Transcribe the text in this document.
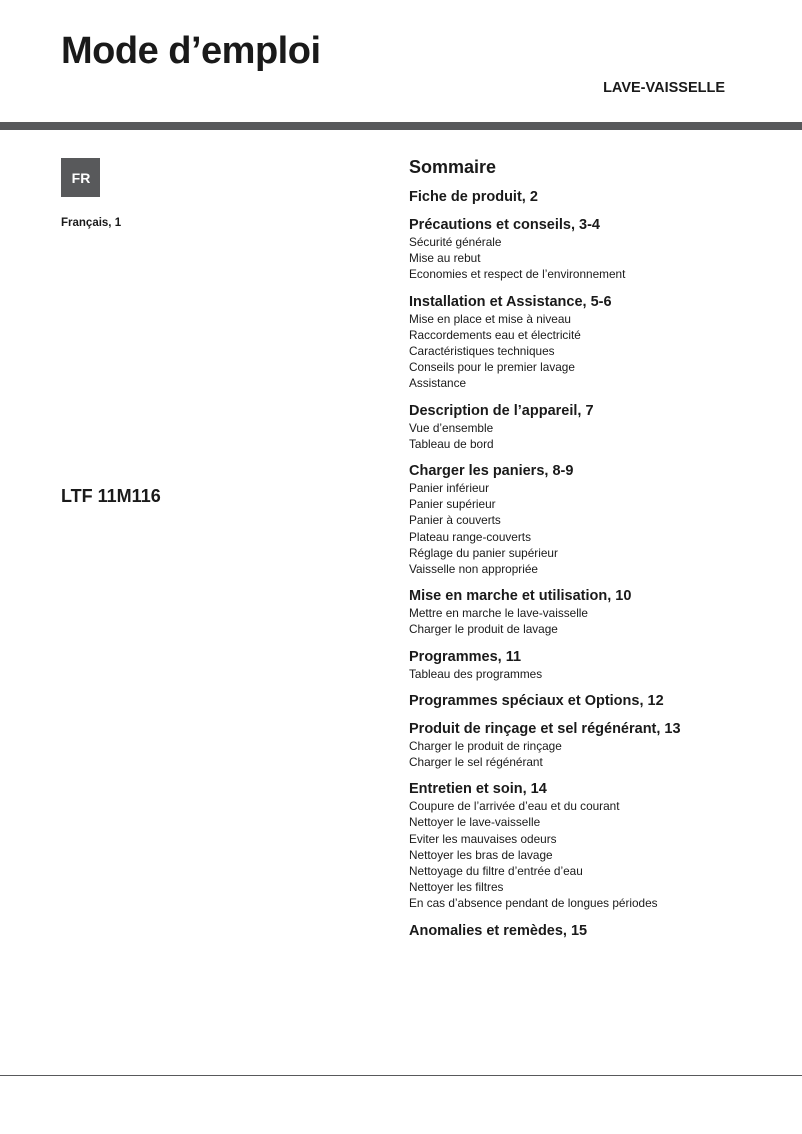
Mode d’emploi
LAVE-VAISSELLE
FR
Français, 1
LTF 11M116
Sommaire
Fiche de produit, 2
Précautions et conseils, 3-4
Sécurité générale
Mise au rebut
Economies et respect de l’environnement
Installation et Assistance, 5-6
Mise en place et mise à niveau
Raccordements eau et électricité
Caractéristiques techniques
Conseils pour le premier lavage
Assistance
Description de l’appareil, 7
Vue d’ensemble
Tableau de bord
Charger les paniers, 8-9
Panier inférieur
Panier supérieur
Panier à couverts
Plateau range-couverts
Réglage du panier supérieur
Vaisselle non appropriée
Mise en marche et utilisation, 10
Mettre en marche le lave-vaisselle
Charger le produit de lavage
Programmes, 11
Tableau des programmes
Programmes spéciaux et Options, 12
Produit de rinçage et sel régénérant, 13
Charger le produit de rinçage
Charger le sel régénérant
Entretien et soin, 14
Coupure de l’arrivée d’eau et du courant
Nettoyer le lave-vaisselle
Eviter les mauvaises odeurs
Nettoyer les bras de lavage
Nettoyage du filtre d’entrée d’eau
Nettoyer les filtres
En cas d’absence pendant de longues périodes
Anomalies et remèdes, 15
